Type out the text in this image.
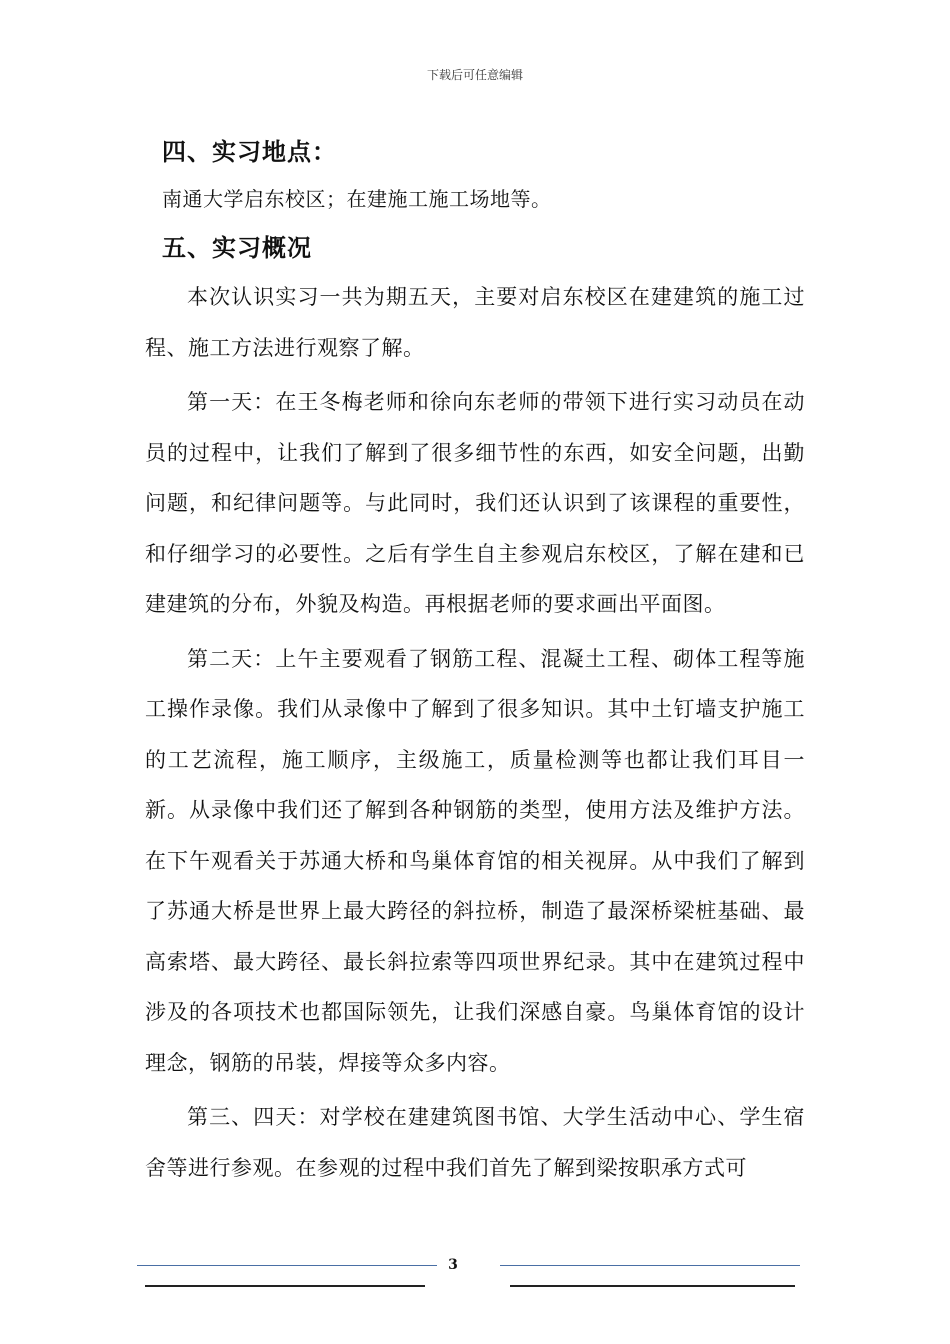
下载后可任意编辑
四、实习地点：

南通大学启东校区；在建施工施工场地等。

五、实习概况

本次认识实习一共为期五天，主要对启东校区在建建筑的施工过程、施工方法进行观察了解。

第一天：在王冬梅老师和徐向东老师的带领下进行实习动员在动员的过程中，让我们了解到了很多细节性的东西，如安全问题，出勤问题，和纪律问题等。与此同时，我们还认识到了该课程的重要性，和仔细学习的必要性。之后有学生自主参观启东校区，了解在建和已建建筑的分布，外貌及构造。再根据老师的要求画出平面图。

第二天：上午主要观看了钢筋工程、混凝土工程、砌体工程等施工操作录像。我们从录像中了解到了很多知识。其中土钉墙支护施工的工艺流程，施工顺序，主级施工，质量检测等也都让我们耳目一新。从录像中我们还了解到各种钢筋的类型，使用方法及维护方法。在下午观看关于苏通大桥和鸟巢体育馆的相关视屏。从中我们了解到了苏通大桥是世界上最大跨径的斜拉桥，制造了最深桥梁桩基础、最高索塔、最大跨径、最长斜拉索等四项世界纪录。其中在建筑过程中涉及的各项技术也都国际领先，让我们深感自豪。鸟巢体育馆的设计理念，钢筋的吊装，焊接等众多内容。

第三、四天：对学校在建建筑图书馆、大学生活动中心、学生宿舍等进行参观。在参观的过程中我们首先了解到梁按职承方式可

3
